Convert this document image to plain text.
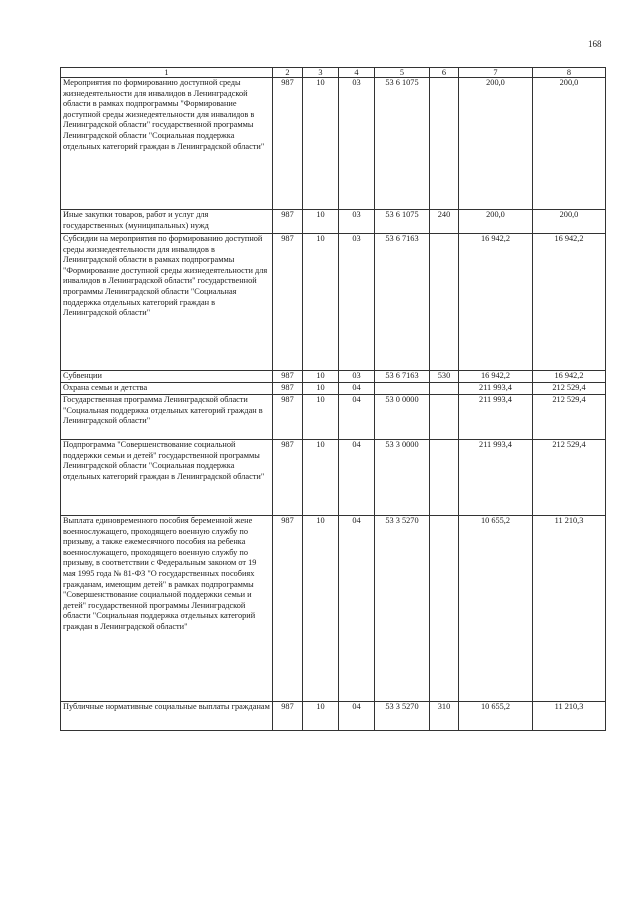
168
1	2	3	4	5	6	7	8
Мероприятия по формированию доступной среды жизнедеятельности для инвалидов в Ленинградской области в рамках подпрограммы "Формирование доступной среды жизнедеятельности для инвалидов в Ленинградской области" государственной программы Ленинградской области "Социальная поддержка отдельных категорий граждан в Ленинградской области"	987	10	03	53 6 1075		200,0	200,0
Иные закупки товаров, работ и услуг для государственных (муниципальных) нужд	987	10	03	53 6 1075	240	200,0	200,0
Субсидии на мероприятия по формированию доступной среды жизнедеятельности для инвалидов в Ленинградской области в рамках подпрограммы "Формирование доступной среды жизнедеятельности для инвалидов в Ленинградской области" государственной программы Ленинградской области "Социальная поддержка отдельных категорий граждан в Ленинградской области"	987	10	03	53 6 7163		16 942,2	16 942,2
Субвенции	987	10	03	53 6 7163	530	16 942,2	16 942,2
Охрана семьи и детства	987	10	04			211 993,4	212 529,4
Государственная программа Ленинградской области "Социальная поддержка отдельных категорий граждан в Ленинградской области"	987	10	04	53 0 0000		211 993,4	212 529,4
Подпрограмма "Совершенствование социальной поддержки семьи и детей" государственной программы Ленинградской области "Социальная поддержка отдельных категорий граждан в Ленинградской области"	987	10	04	53 3 0000		211 993,4	212 529,4
Выплата единовременного пособия беременной жене военнослужащего, проходящего военную службу по призыву, а также ежемесячного пособия на ребенка военнослужащего, проходящего военную службу по призыву, в соответствии с Федеральным законом от 19 мая 1995 года № 81-ФЗ "О государственных пособиях гражданам, имеющим детей" в рамках подпрограммы "Совершенствование социальной поддержки семьи и детей" государственной программы Ленинградской области "Социальная поддержка отдельных категорий граждан в Ленинградской области"	987	10	04	53 3 5270		10 655,2	11 210,3
Публичные нормативные социальные выплаты гражданам	987	10	04	53 3 5270	310	10 655,2	11 210,3
